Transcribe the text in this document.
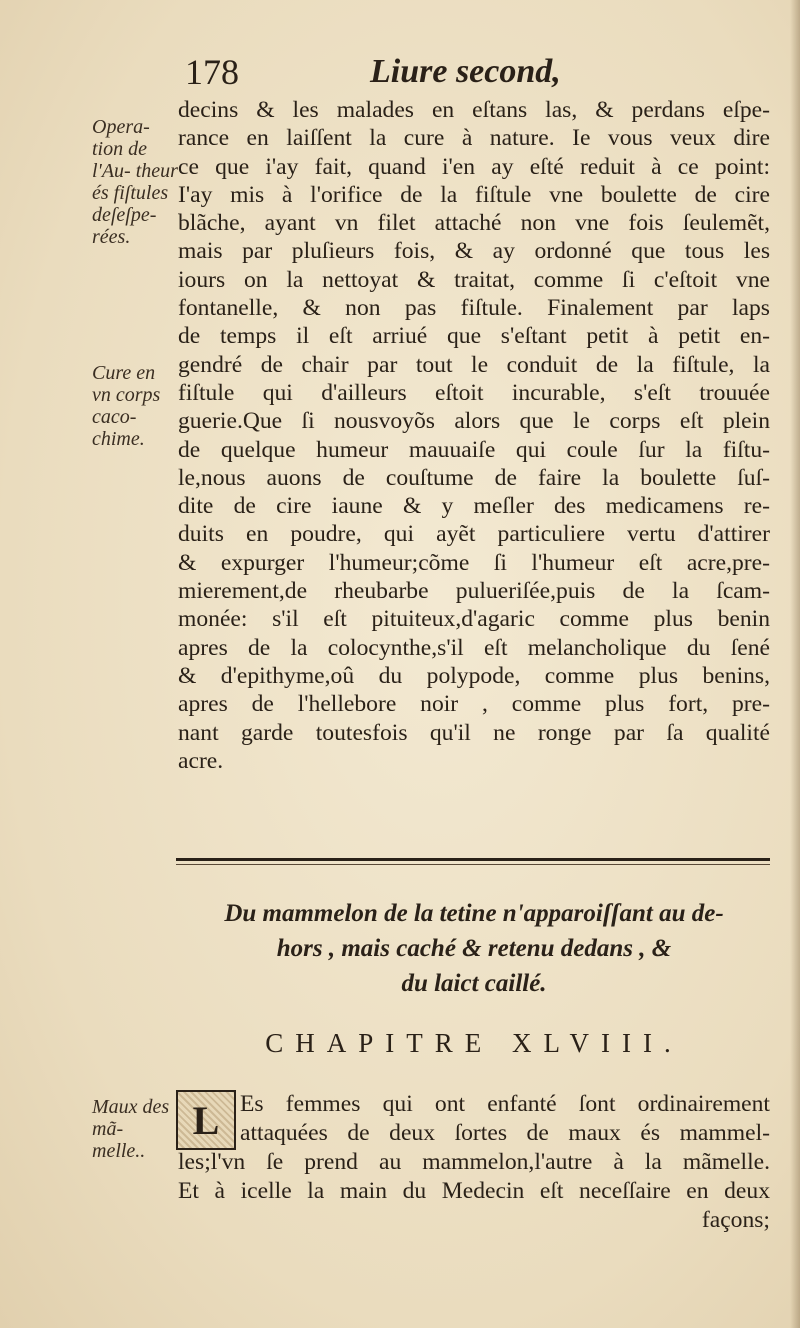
178	Liure second,
Opera- tion de l'Au- theur és fiſtules deſeſpe- rées.
Cure en vn corps caco- chime.
Maux des mã- melle..
decins & les malades en eſtans las, & perdans eſpe-
rance en laiſſent la cure à nature. Ie vous veux dire
ce que i'ay fait, quand i'en ay eſté reduit à ce point:
I'ay mis à l'orifice de la fiſtule vne boulette de cire
blãche, ayant vn filet attaché non vne fois ſeulemẽt,
mais par pluſieurs fois, & ay ordonné que tous les
iours on la nettoyat & traitat, comme ſi c'eſtoit vne
fontanelle, & non pas fiſtule. Finalement par laps
de temps il eſt arriué que s'eſtant petit à petit en-
gendré de chair par tout le conduit de la fiſtule, la
fiſtule qui d'ailleurs eſtoit incurable, s'eſt trouuée
guerie.Que ſi nousvoyõs alors que le corps eſt plein
de quelque humeur mauuaiſe qui coule ſur la fiſtu-
le,nous auons de couſtume de faire la boulette ſuſ-
dite de cire iaune & y meſler des medicamens re-
duits en poudre, qui ayẽt particuliere vertu d'attirer
& expurger l'humeur;cõme ſi l'humeur eſt acre,pre-
mierement,de rheubarbe pulueriſée,puis de la ſcam-
monée: s'il eſt pituiteux,d'agaric comme plus benin
apres de la colocynthe,s'il eſt melancholique du ſené
& d'epithyme,oû du polypode, comme plus benins,
apres de l'hellebore noir , comme plus fort, pre-
nant garde toutesfois qu'il ne ronge par ſa qualité
acre.
Du mammelon de la tetine n'apparoiſſant au de-
hors , mais caché & retenu dedans , &
du laict caillé.
CHAPITRE XLVIII.
L Es femmes qui ont enfanté ſont ordinairement
attaquées de deux ſortes de maux és mammel-
les;l'vn ſe prend au mammelon,l'autre à la mãmelle.
Et à icelle la main du Medecin eſt neceſſaire en deux
façons;
